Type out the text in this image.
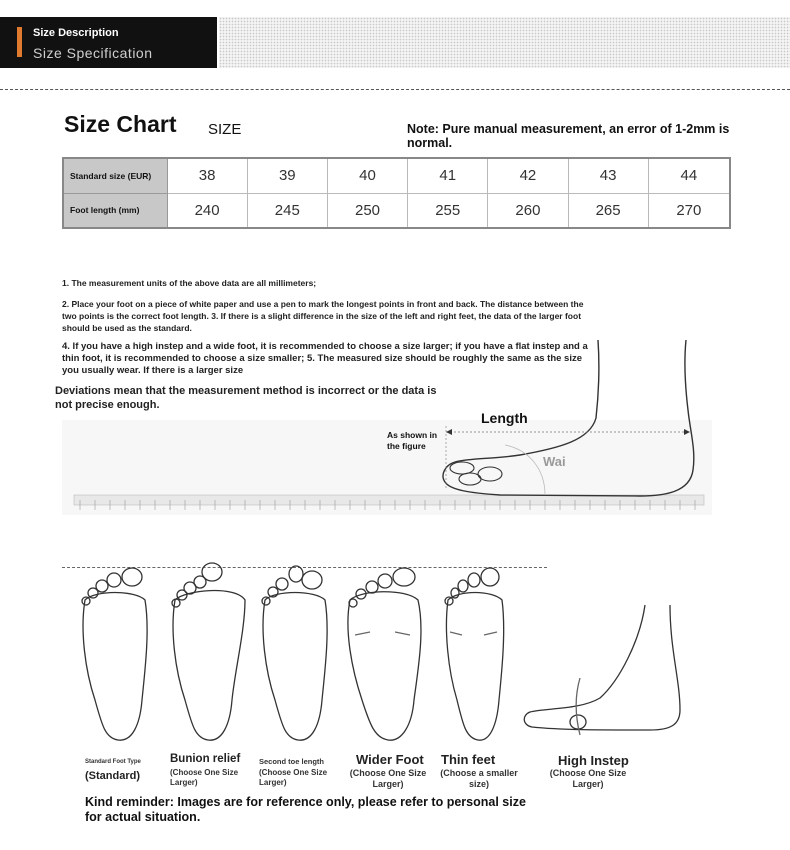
Size Description
Size Specification
Size Chart SIZE	Note: Pure manual measurement, an error of 1-2mm is normal.
Standard size (EUR)	38	39	40	41	42	43	44
Foot length (mm)	240	245	250	255	260	265	270
1. The measurement units of the above data are all millimeters;
2. Place your foot on a piece of white paper and use a pen to mark the longest points in front and back. The distance between the two points is the correct foot length. 3. If there is a slight difference in the size of the left and right feet, the data of the larger foot should be used as the standard.
4. If you have a high instep and a wide foot, it is recommended to choose a size larger; if you have a flat instep and a thin foot, it is recommended to choose a size smaller; 5. The measured size should be roughly the same as the size you usually wear. If there is a larger size
Deviations mean that the measurement method is incorrect or the data is not precise enough.
Length
As shown in the figure
Wai
Standard Foot Type
(Standard)
Bunion relief
(Choose One Size Larger)
Second toe length
(Choose One Size Larger)
Wider Foot
(Choose One Size Larger)
Thin feet
(Choose a smaller size)
High Instep
(Choose One Size Larger)
Kind reminder: Images are for reference only, please refer to personal size for actual situation.
